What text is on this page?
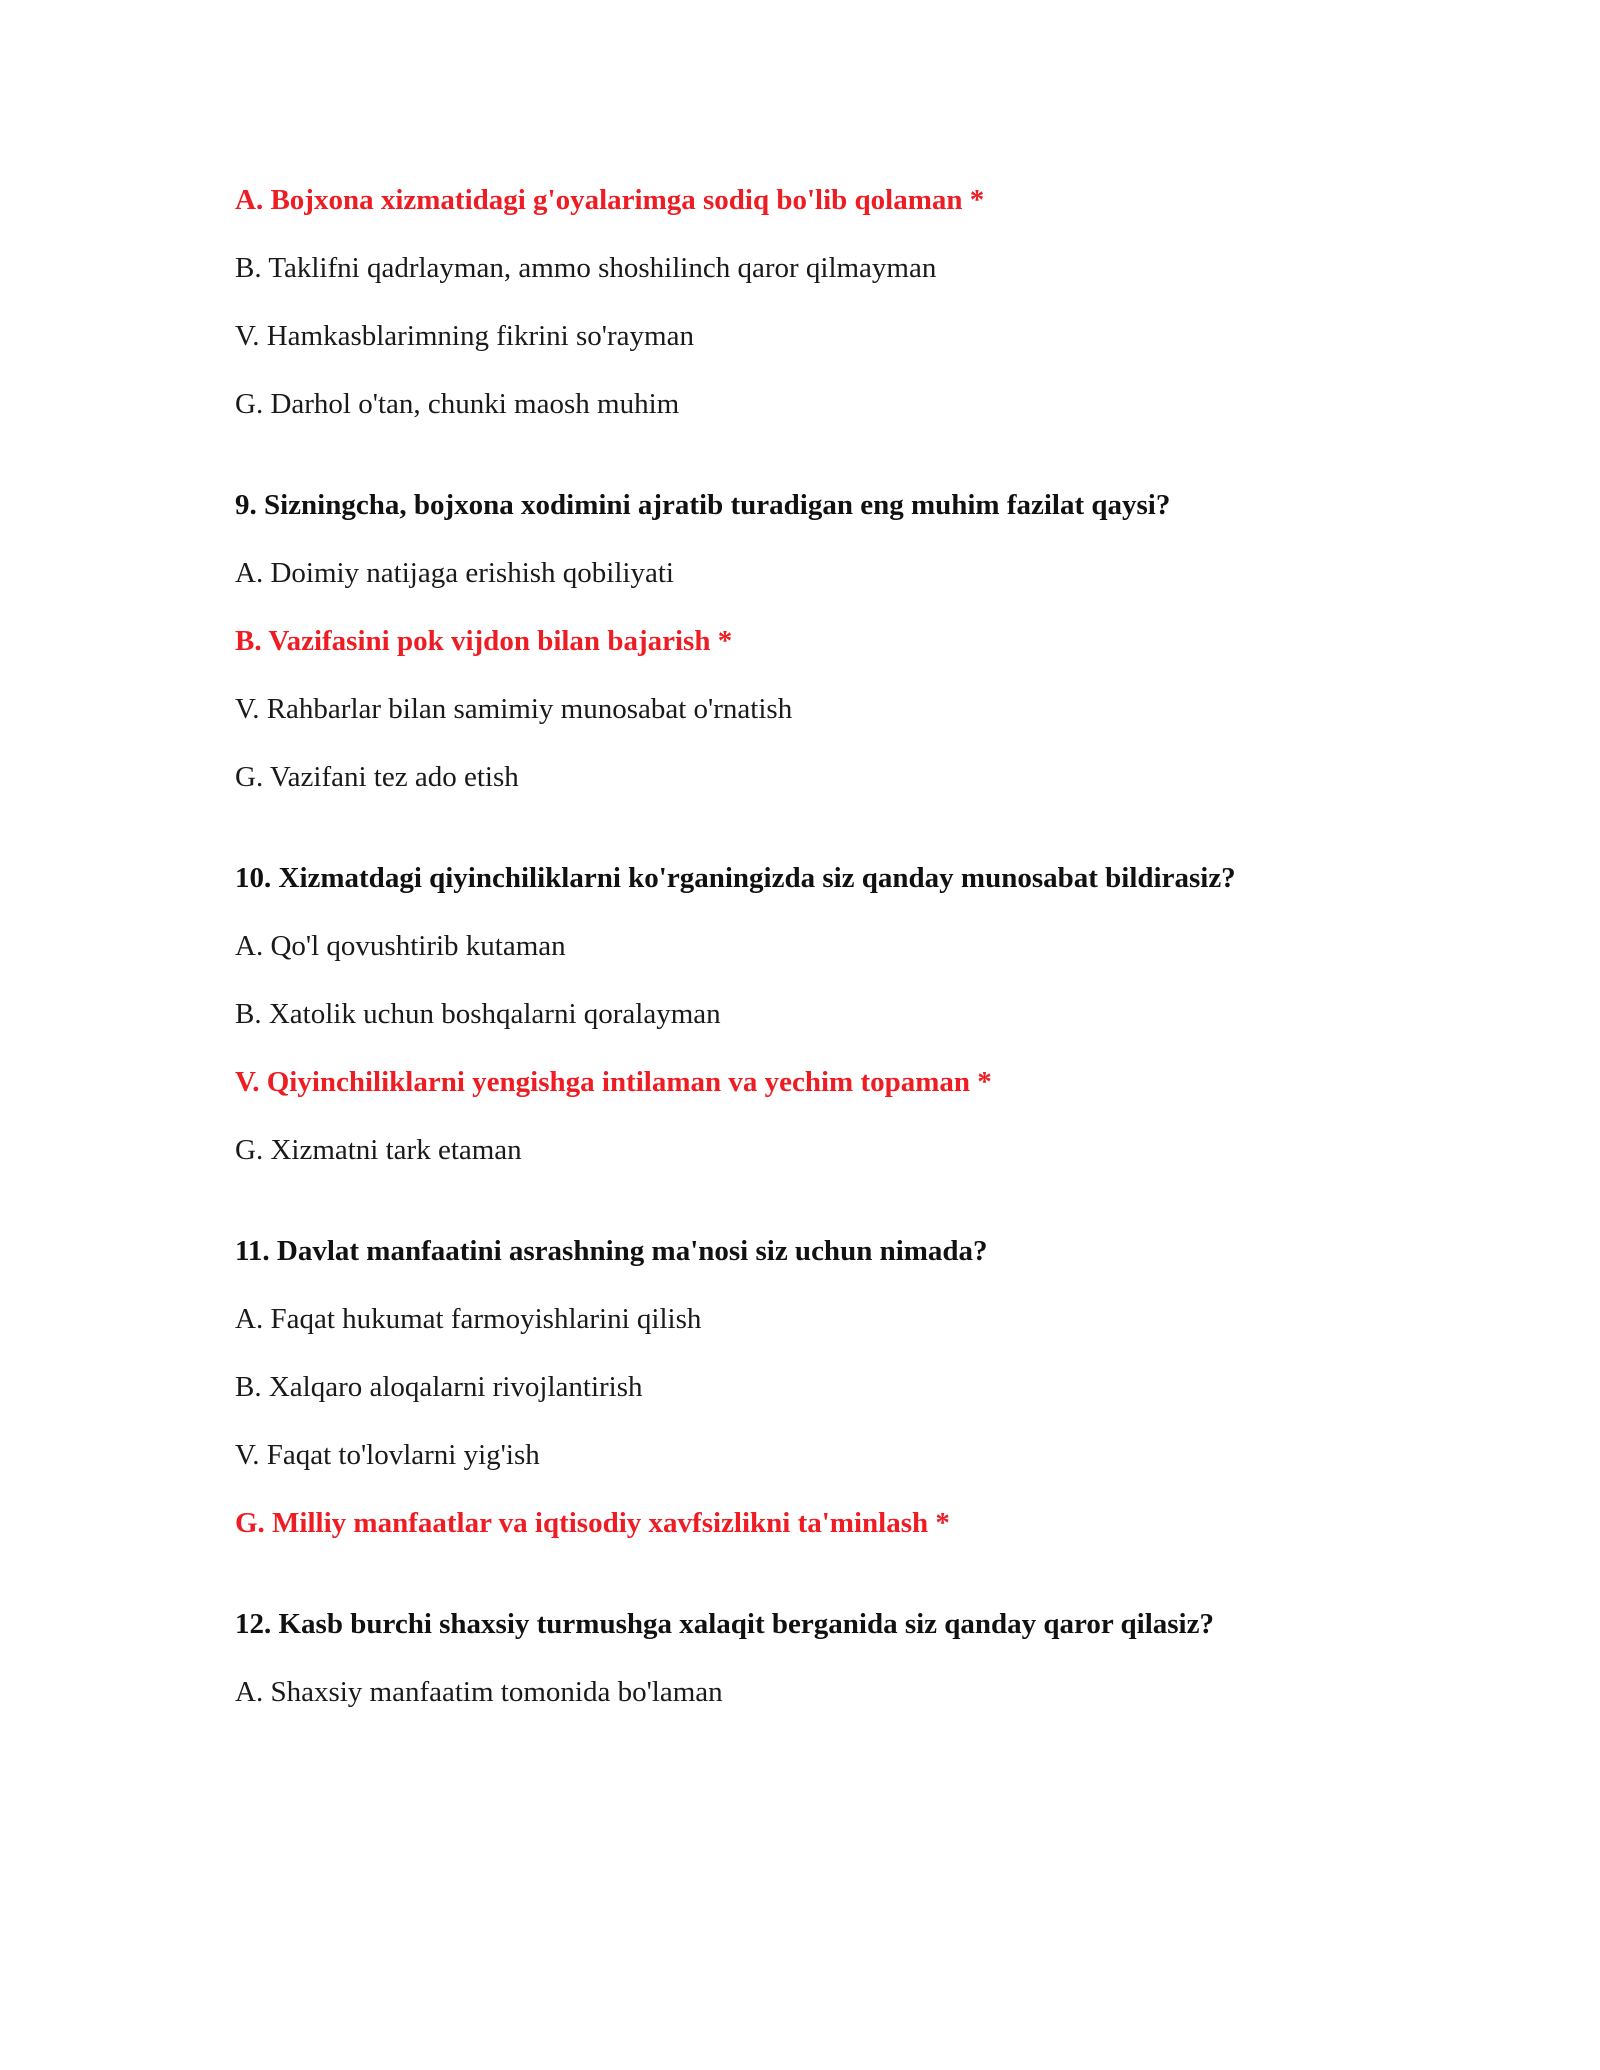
A. Bojxona xizmatidagi g'oyalarimga sodiq bo'lib qolaman *
B. Taklifni qadrlayman, ammo shoshilinch qaror qilmayman
V. Hamkasblarimning fikrini so'rayman
G. Darhol o'tan, chunki maosh muhim
9. Sizningcha, bojxona xodimini ajratib turadigan eng muhim fazilat qaysi?
A. Doimiy natijaga erishish qobiliyati
B. Vazifasini pok vijdon bilan bajarish *
V. Rahbarlar bilan samimiy munosabat o'rnatish
G. Vazifani tez ado etish
10. Xizmatdagi qiyinchiliklarni ko'rganingizda siz qanday munosabat bildirasiz?
A. Qo'l qovushtirib kutaman
B. Xatolik uchun boshqalarni qoralayman
V. Qiyinchiliklarni yengishga intilaman va yechim topaman *
G. Xizmatni tark etaman
11. Davlat manfaatini asrashning ma'nosi siz uchun nimada?
A. Faqat hukumat farmoyishlarini qilish
B. Xalqaro aloqalarni rivojlantirish
V. Faqat to'lovlarni yig'ish
G. Milliy manfaatlar va iqtisodiy xavfsizlikni ta'minlash *
12. Kasb burchi shaxsiy turmushga xalaqit berganida siz qanday qaror qilasiz?
A. Shaxsiy manfaatim tomonida bo'laman
